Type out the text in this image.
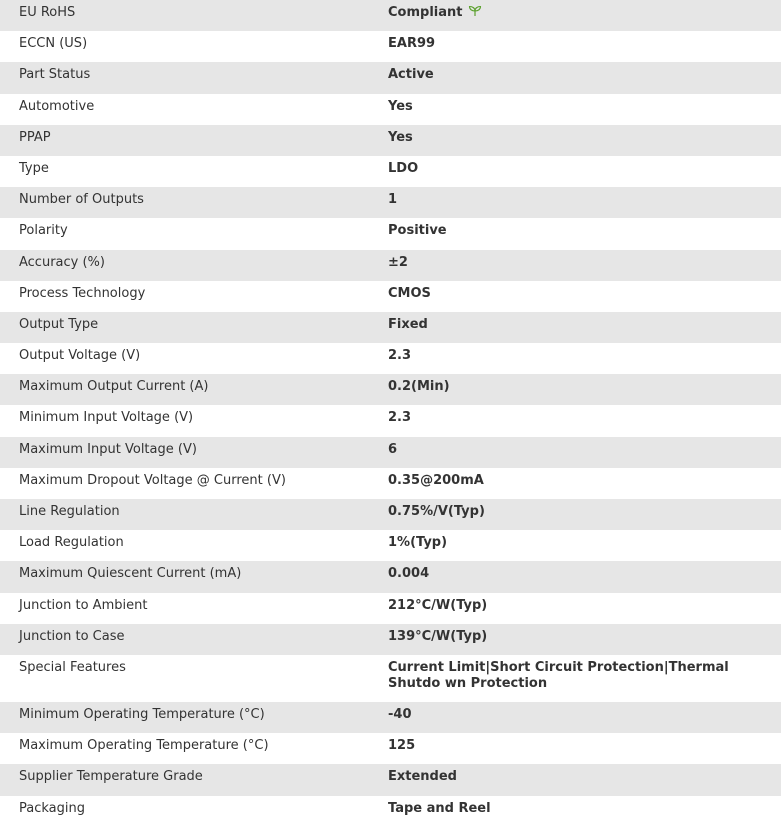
EU RoHS	Compliant
ECCN (US)	EAR99
Part Status	Active
Automotive	Yes
PPAP	Yes
Type	LDO
Number of Outputs	1
Polarity	Positive
Accuracy (%)	±2
Process Technology	CMOS
Output Type	Fixed
Output Voltage (V)	2.3
Maximum Output Current (A)	0.2(Min)
Minimum Input Voltage (V)	2.3
Maximum Input Voltage (V)	6
Maximum Dropout Voltage @ Current (V)	0.35@200mA
Line Regulation	0.75%/V(Typ)
Load Regulation	1%(Typ)
Maximum Quiescent Current (mA)	0.004
Junction to Ambient	212°C/W(Typ)
Junction to Case	139°C/W(Typ)
Special Features	Current Limit|Short Circuit Protection|Thermal Shutdo wn Protection
Minimum Operating Temperature (°C)	-40
Maximum Operating Temperature (°C)	125
Supplier Temperature Grade	Extended
Packaging	Tape and Reel
